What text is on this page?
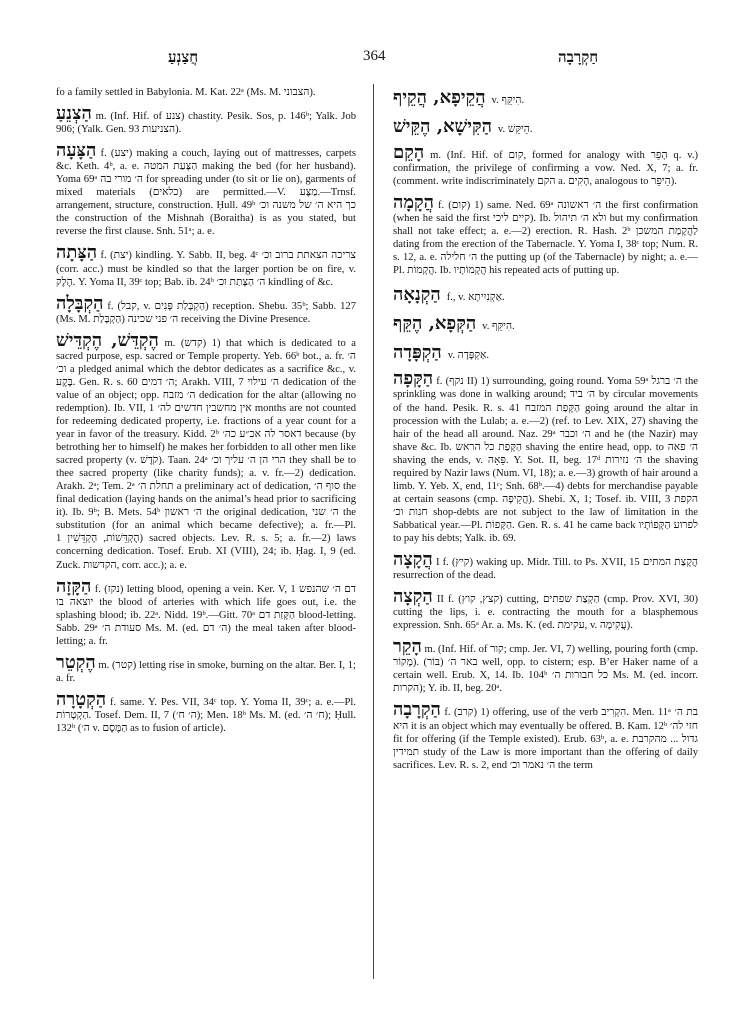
חֲצַנְעַ	364	חַקְרָבָה

fo a family settled in Babylonia. M. Kat. 22ᵃ (Ms. M. הצבוני).

הַצְנֵעַ m. (Inf. Hif. of צנע) chastity. Pesik. Sos, p. 146ᵇ; Yalk. Job 906; (Yalk. Gen. 93 הצניעות).

הַצָּעָה f. (יצע) making a couch, laying out of mattresses, carpets &c. Keth. 4ᵇ, a. e. הַצָּעַת המטה making the bed (for her husband). Yoma 69ᵃ ה׳ מורי בה for spreading under (to sit or lie on), garments of mixed materials (כלאים) are permitted.—V. מַצָּע.—Trnsf. arrangement, structure, construction. Ḥull. 49ᵇ כך היא ה׳ של משנה וכ׳ the construction of the Mishnah (Boraitha) is as you stated, but reverse the first clause. Snh. 51ᵃ; a. e.

הַצָּתָה f. (יצת) kindling. Y. Sabb. II, beg. 4ᶜ צריכה הצאתת ברוב וכ׳ (corr. acc.) must be kindled so that the larger portion be on fire, v. הֶלֶק. Y. Yoma II, 39ᶜ top; Bab. ib. 24ᵇ ה׳ הַצָּתַת וכ׳ kindling of &c.

הַקְבָּלָה f. (קבל, v. הַקְבָּלַת פָּנִים) reception. Shebu. 35ᵇ; Sabb. 127 (Ms. M. הַקְבָּלַת) ה׳ פני שכינה receiving the Divine Presence.

הֶקְדֵּשׁ, הֶקְדֵּישׁ m. (קדש) 1) that which is dedicated to a sacred purpose, esp. sacred or Temple property. Yeb. 66ᵇ bot., a. fr. ה׳ וכ׳ a pledged animal which the debtor dedicates as a sacrifice &c., v. בֶּקֶע. Gen. R. s. 60 ה׳ דמים; Arakh. VIII, 7 ה׳ עילוי dedication of the value of an object; opp. ה׳ מזבח dedication for the altar (allowing no redemption). Ib. VII, 1 אין מחשבין חדשים לה׳ months are not counted for redeeming dedicated property, i.e. fractions of a year count for a year in favor of the treasury. Kidd. 2ᵇ דאסר לה אכ״ע כה׳ because (by betrothing her to himself) he makes her forbidden to all other men like sacred property (v. קֹדֶשׁ). Taan. 24ᵃ הרי הן ה׳ עליך וכ׳ they shall be to thee sacred property (like charity funds); a. v. fr.—2) dedication. Arakh. 2ᵃ; Tem. 2ᵃ תחלת ה׳ a preliminary act of dedication, סוף ה׳ the final dedication (laying hands on the animal’s head prior to sacrificing it). Ib. 9ᵇ; B. Mets. 54ᵇ ה׳ ראשון the original dedication, ה׳ שני the substitution (for an animal which became defective); a. fr.—Pl. הֶקְדֵּשׁוֹת, הֶקְדֵּשִׁין 1) sacred objects. Lev. R. s. 5; a. fr.—2) laws concerning dedication. Tosef. Erub. XI (VIII), 24; ib. Ḥag. I, 9 (ed. Zuck. הקדשות, corr. acc.); a. e.

הַקָּזָה f. (נקז) letting blood, opening a vein. Ker. V, 1 דם ה׳ שהנפש יוצאה בו the blood of arteries with which life goes out, i.e. the splashing blood; ib. 22ᵃ. Nidd. 19ᵇ.—Gitt. 70ᵃ הַקָּזַת דם blood-letting. Sabb. 29ᵃ סעודת ה׳ Ms. M. (ed. ה׳ דם) the meal taken after blood-letting; a. fr.

הֶקְטֵר m. (קטר) letting rise in smoke, burning on the altar. Ber. I, 1; a. fr.

הַקְטָרָה f. same. Y. Pes. VII, 34ᶜ top. Y. Yoma II, 39ᶜ; a. e.—Pl. הַקְטָרוֹת. Tosef. Dem. II, 7 (ה׳ ח׳); Men. 18ᵇ Ms. M. (ed. ח׳ ה׳); Ḥull. 132ᵇ (ה׳ v. הַמֶּסֶם as to fusion of article).

הֲקֵיפָא, הֲקֵיף v. הִיקֵּף.

הַקִּישָׁא, הֶקֵּישׁ v. הֵיקֵּשׁ.

הָקֵם m. (Inf. Hif. of קום, formed for analogy with הָפֵר q. v.) confirmation, the privilege of confirming a vow. Ned. X, 7; a. fr. (comment. write indiscriminately הקם a. הָקִים, analogous to הֵיפֵר).

הֲקָמָה f. (קום) 1) same. Ned. 69ᵃ ה׳ ראשונה the first confirmation (when he said the first קיים ליכי). Ib. ולא ה׳ תיהול but my confirmation shall not take effect; a. e.—2) erection. R. Hash. 2ᵇ לַהֲקָמַת המשכן dating from the erection of the Tabernacle. Y. Yoma I, 38ᶜ top; Num. R. s. 12, a. e. ה׳ חלילה the putting up (of the Tabernacle) by night; a. e.—Pl. הֲקָמוֹת. Ib. הֲקָמוֹתָיו his repeated acts of putting up.

הַקְנָאָה f., v. אַקְנִיִיתָא.

הַקְּפָא, הֶקֵּף v. הִיקֵּף.

הַקְפָּדָה v. אַקְפָּדָה.

הַקָּפָה f. (נקף II) 1) surrounding, going round. Yoma 59ᵃ ה׳ ברגל the sprinkling was done in walking around; ה׳ ביד by circular movements of the hand. Pesik. R. s. 41 הַקָּפַת המזבח going around the altar in procession with the Lulab; a. e.—2) (ref. to Lev. XIX, 27) shaving the hair of the head all around. Naz. 29ᵃ ה׳ וכבר and he (the Nazir) may shave &c. Ib. הַקָּפַת כל הראש shaving the entire head, opp. to ה׳ פאה shaving the ends, v. פֵּאָה. Y. Sot. II, beg. 17ᵈ ה׳ נזירות the shaving required by Nazir laws (Num. VI, 18); a. e.—3) growth of hair around a limb. Y. Yeb. X, end, 11ᶜ; Snh. 68ᵇ.—4) debts for merchandise payable at certain seasons (cmp. הֲקֵיפָה). Shebi. X, 1; Tosef. ib. VIII, 3 הקפת חנות וכ׳ shop-debts are not subject to the law of limitation in the Sabbatical year.—Pl. הַקָּפוֹת. Gen. R. s. 41 he came back לפרוע הַקָּפוֹתָיו to pay his debts; Yalk. ib. 69.

הֲקָצָה I f. (קיץ) waking up. Midr. Till. to Ps. XVII, 15 הֲקָצַת המתים resurrection of the dead.

הַקְצָה II f. (קצץ, קוץ) cutting, הַקְצַת שפתים (cmp. Prov. XVI, 30) cutting the lips, i. e. contracting the mouth for a blasphemous expression. Snh. 65ᵃ Ar. a. Ms. K. (ed. עקימת, v. עֲקִימָה).

הָקֵר m. (Inf. Hif. of קור; cmp. Jer. VI, 7) welling, pouring forth (cmp. מָקוֹר). באר ה׳ (בּוֹר) well, opp. to cistern; esp. B’er Haker name of a certain well. Erub. X, 14. Ib. 104ᵇ כל חבורות ה׳ Ms. M. (ed. incorr. הקרות); Y. ib. II, beg. 20ᵃ.

הַקְרָבָה f. (קרב) 1) offering, use of the verb הִקְרִיב. Men. 11ᵃ בת ה׳ היא it is an object which may eventually be offered. B. Kam. 12ᵇ חזי לה׳ fit for offering (if the Temple existed). Erub. 63ᵇ, a. e. גדול ... מהקרבת תמידין study of the Law is more important than the offering of daily sacrifices. Lev. R. s. 2, end ה׳ נאמר וכ׳ the term
